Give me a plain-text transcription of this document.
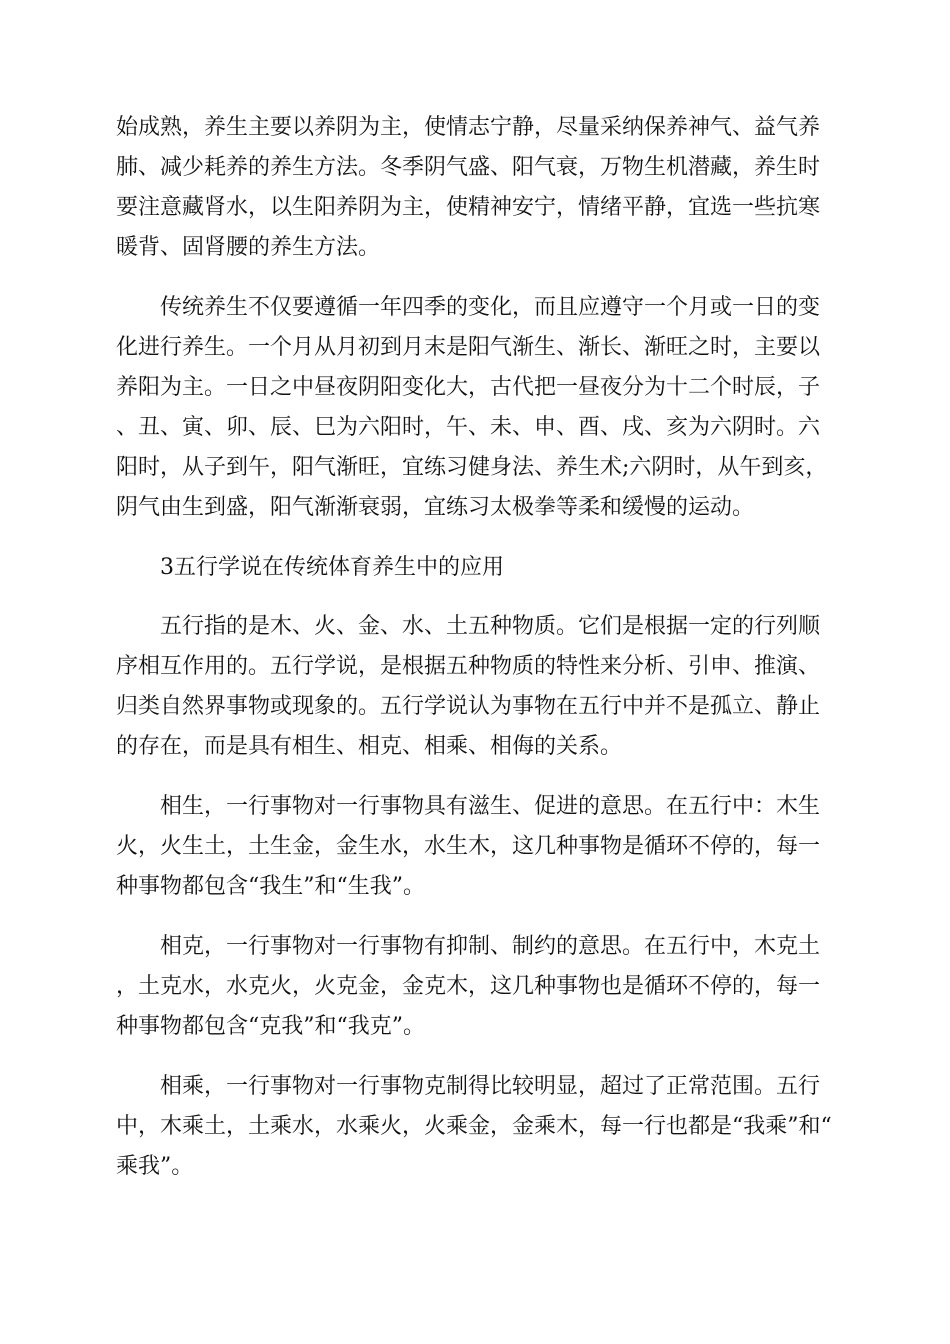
始成熟，养生主要以养阴为主，使情志宁静，尽量采纳保养神气、益气养肺、减少耗养的养生方法。冬季阴气盛、阳气衰，万物生机潜藏，养生时要注意藏肾水，以生阳养阴为主，使精神安宁，情绪平静，宜选一些抗寒暖背、固肾腰的养生方法。

传统养生不仅要遵循一年四季的变化，而且应遵守一个月或一日的变化进行养生。一个月从月初到月末是阳气渐生、渐长、渐旺之时，主要以养阳为主。一日之中昼夜阴阳变化大，古代把一昼夜分为十二个时辰，子、丑、寅、卯、辰、巳为六阳时，午、未、申、酉、戌、亥为六阴时。六阳时，从子到午，阳气渐旺，宜练习健身法、养生术;六阴时，从午到亥，阴气由生到盛，阳气渐渐衰弱，宜练习太极拳等柔和缓慢的运动。

3五行学说在传统体育养生中的应用

五行指的是木、火、金、水、土五种物质。它们是根据一定的行列顺序相互作用的。五行学说，是根据五种物质的特性来分析、引申、推演、归类自然界事物或现象的。五行学说认为事物在五行中并不是孤立、静止的存在，而是具有相生、相克、相乘、相侮的关系。

相生，一行事物对一行事物具有滋生、促进的意思。在五行中：木生火，火生土，土生金，金生水，水生木，这几种事物是循环不停的，每一种事物都包含“我生”和“生我”。

相克，一行事物对一行事物有抑制、制约的意思。在五行中，木克土，土克水，水克火，火克金，金克木，这几种事物也是循环不停的，每一种事物都包含“克我”和“我克”。

相乘，一行事物对一行事物克制得比较明显，超过了正常范围。五行中，木乘土，土乘水，水乘火，火乘金，金乘木，每一行也都是“我乘”和“乘我”。
